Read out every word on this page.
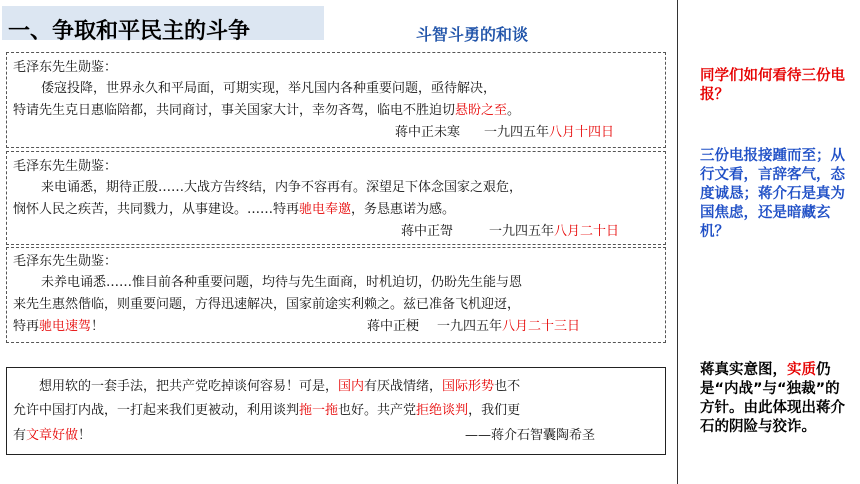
一、争取和平民主的斗争	斗智斗勇的和谈
毛泽东先生勋鉴：
倭寇投降，世界永久和平局面，可期实现，举凡国内各种重要问题，亟待解决，
特请先生克日惠临陪都，共同商讨，事关国家大计，幸勿吝驾，临电不胜迫切悬盼之至。
蒋中正未寒 一九四五年八月十四日
毛泽东先生勋鉴：
来电诵悉，期待正殷……大战方告终结，内争不容再有。深望足下体念国家之艰危，
悯怀人民之疾苦，共同戮力，从事建设。……特再驰电奉邀，务恳惠诺为感。
蒋中正哿	一九四五年八月二十日
毛泽东先生勋鉴：
未养电诵悉……惟目前各种重要问题，均待与先生面商，时机迫切，仍盼先生能与恩
来先生惠然偕临，则重要问题，方得迅速解决，国家前途实利赖之。兹已准备飞机迎迓，
特再驰电速驾！	蒋中正梗 一九四五年八月二十三日
想用软的一套手法，把共产党吃掉谈何容易！可是，国内有厌战情绪，国际形势也不
允许中国打内战，一打起来我们更被动，利用谈判拖一拖也好。共产党拒绝谈判，我们更
有文章好做！	——蒋介石智囊陶希圣
同学们如何看待三份电报？
三份电报接踵而至；从行文看，言辞客气，态度诚恳；蒋介石是真为国焦虑，还是暗藏玄机？
蒋真实意图，实质仍是“内战”与“独裁”的方针。由此体现出蒋介石的阴险与狡诈。
